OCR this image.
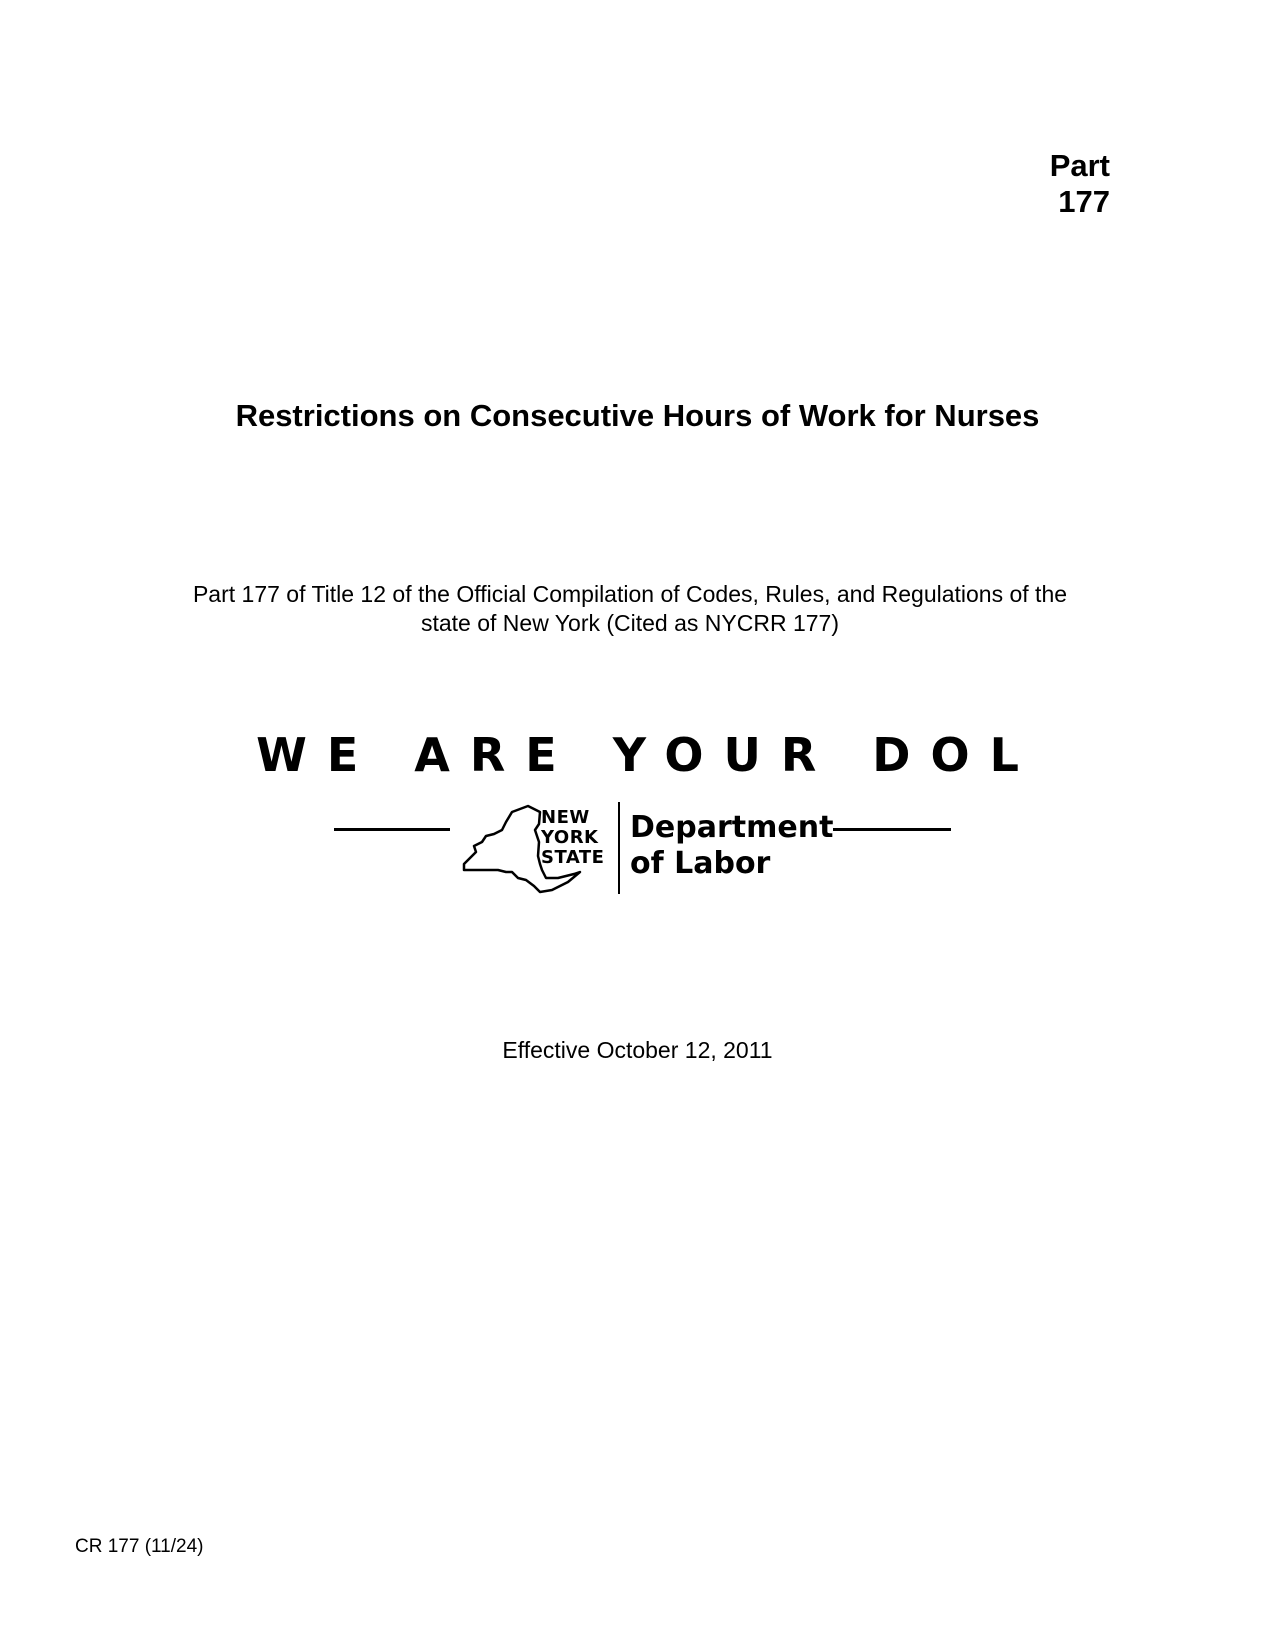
Part
177
Restrictions on Consecutive Hours of Work for Nurses
Part 177 of Title 12 of the Official Compilation of Codes, Rules, and Regulations of the
state of New York (Cited as NYCRR 177)
WE ARE YOUR DOL
NEW
YORK
STATE
Department
of Labor
Effective October 12, 2011
CR 177 (11/24)
